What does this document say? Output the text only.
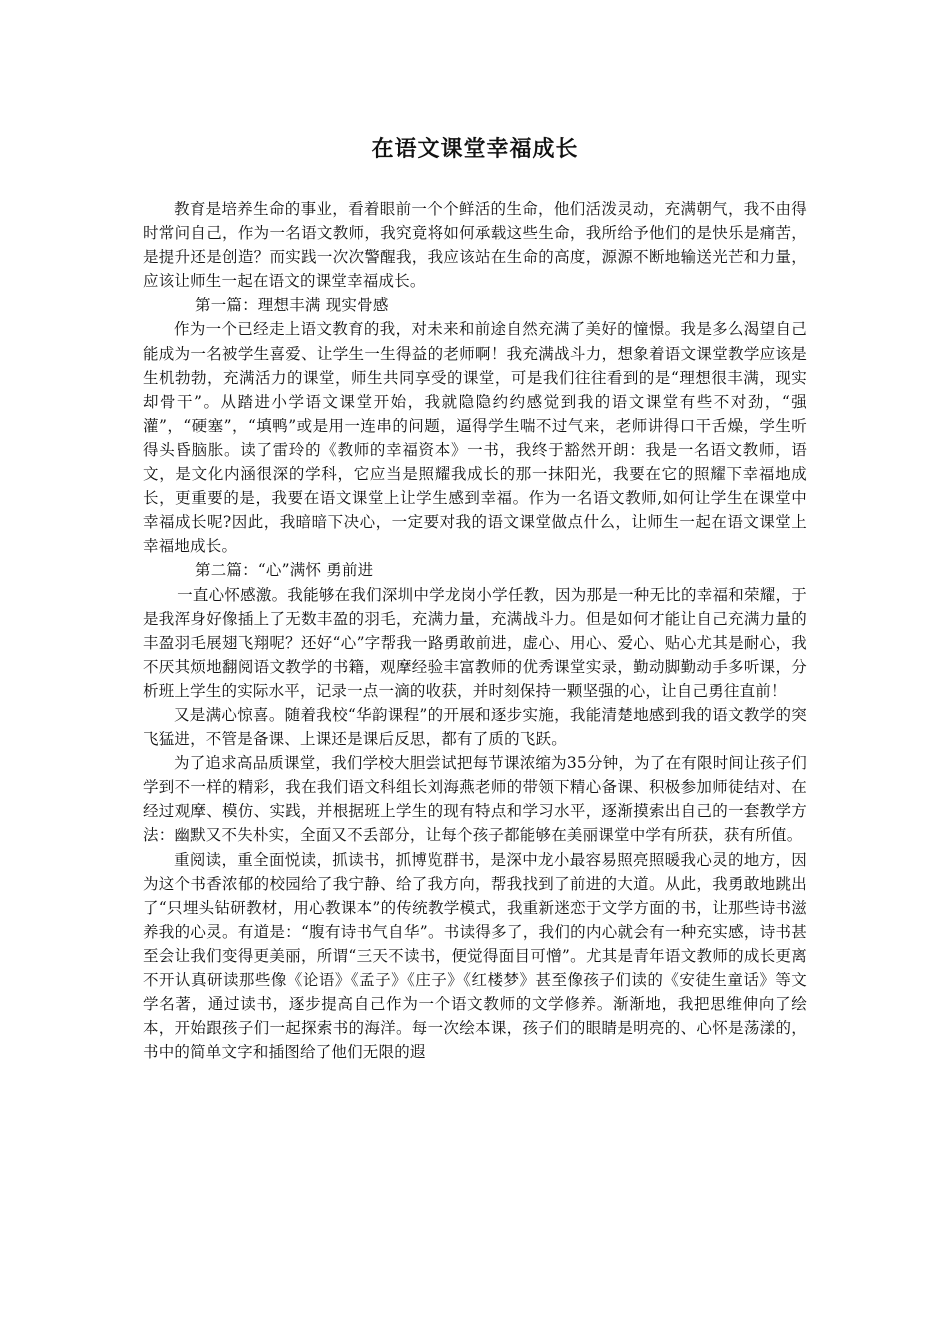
在语文课堂幸福成长

教育是培养生命的事业，看着眼前一个个鲜活的生命，他们活泼灵动，充满朝气，我不由得时常问自己，作为一名语文教师，我究竟将如何承载这些生命，我所给予他们的是快乐是痛苦，是提升还是创造？而实践一次次警醒我，我应该站在生命的高度，源源不断地输送光芒和力量，应该让师生一起在语文的课堂幸福成长。

第一篇：理想丰满 现实骨感

作为一个已经走上语文教育的我，对未来和前途自然充满了美好的憧憬。我是多么渴望自己能成为一名被学生喜爱、让学生一生得益的老师啊！我充满战斗力，想象着语文课堂教学应该是生机勃勃，充满活力的课堂，师生共同享受的课堂，可是我们往往看到的是“理想很丰满，现实却骨干”。从踏进小学语文课堂开始，我就隐隐约约感觉到我的语文课堂有些不对劲，“强灌”，“硬塞”，“填鸭”或是用一连串的问题，逼得学生喘不过气来，老师讲得口干舌燥，学生听得头昏脑胀。读了雷玲的《教师的幸福资本》一书，我终于豁然开朗：我是一名语文教师，语文，是文化内涵很深的学科，它应当是照耀我成长的那一抹阳光，我要在它的照耀下幸福地成长，更重要的是，我要在语文课堂上让学生感到幸福。作为一名语文教师,如何让学生在课堂中幸福成长呢?因此，我暗暗下决心，一定要对我的语文课堂做点什么，让师生一起在语文课堂上幸福地成长。

第二篇：“心”满怀 勇前进

一直心怀感激。我能够在我们深圳中学龙岗小学任教，因为那是一种无比的幸福和荣耀，于是我浑身好像插上了无数丰盈的羽毛，充满力量，充满战斗力。但是如何才能让自己充满力量的丰盈羽毛展翅飞翔呢？还好“心”字帮我一路勇敢前进，虚心、用心、爱心、贴心尤其是耐心，我不厌其烦地翻阅语文教学的书籍，观摩经验丰富教师的优秀课堂实录，勤动脚勤动手多听课，分析班上学生的实际水平，记录一点一滴的收获，并时刻保持一颗坚强的心，让自己勇往直前！

又是满心惊喜。随着我校“华韵课程”的开展和逐步实施，我能清楚地感到我的语文教学的突飞猛进，不管是备课、上课还是课后反思，都有了质的飞跃。

为了追求高品质课堂，我们学校大胆尝试把每节课浓缩为35分钟，为了在有限时间让孩子们学到不一样的精彩，我在我们语文科组长刘海燕老师的带领下精心备课、积极参加师徒结对、在经过观摩、模仿、实践，并根据班上学生的现有特点和学习水平，逐渐摸索出自己的一套教学方法：幽默又不失朴实，全面又不丢部分，让每个孩子都能够在美丽课堂中学有所获，获有所值。

重阅读，重全面悦读，抓读书，抓博览群书，是深中龙小最容易照亮照暖我心灵的地方，因为这个书香浓郁的校园给了我宁静、给了我方向，帮我找到了前进的大道。从此，我勇敢地跳出了“只埋头钻研教材，用心教课本”的传统教学模式，我重新迷恋于文学方面的书，让那些诗书滋养我的心灵。有道是：“腹有诗书气自华”。书读得多了，我们的内心就会有一种充实感，诗书甚至会让我们变得更美丽，所谓“三天不读书，便觉得面目可憎”。尤其是青年语文教师的成长更离不开认真研读那些像《论语》《孟子》《庄子》《红楼梦》甚至像孩子们读的《安徒生童话》等文学名著，通过读书，逐步提高自己作为一个语文教师的文学修养。渐渐地，我把思维伸向了绘本，开始跟孩子们一起探索书的海洋。每一次绘本课，孩子们的眼睛是明亮的、心怀是荡漾的，书中的简单文字和插图给了他们无限的遐
